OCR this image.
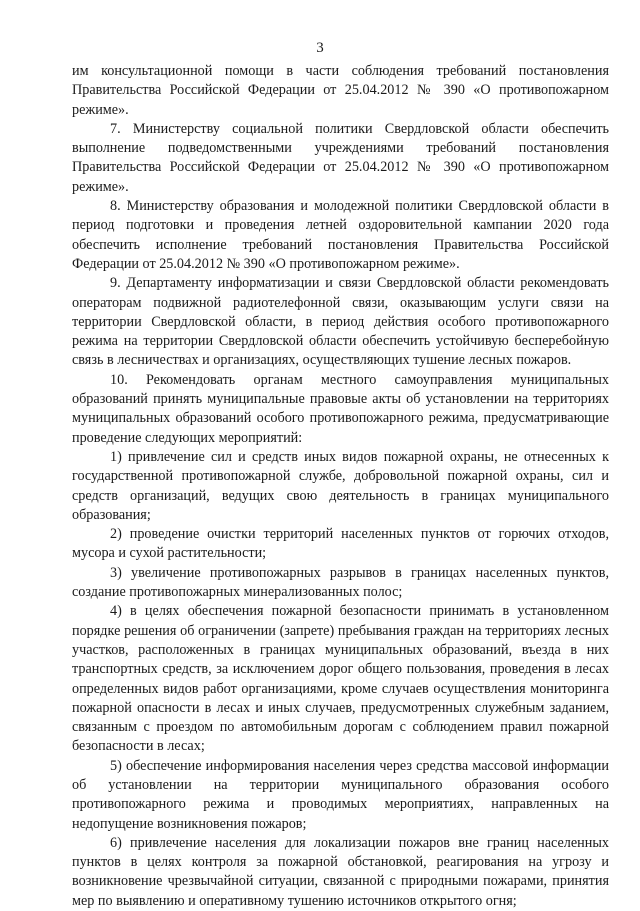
3

им консультационной помощи в части соблюдения требований постановления Правительства Российской Федерации от 25.04.2012 № 390 «О противопожарном режиме».

7. Министерству социальной политики Свердловской области обеспечить выполнение подведомственными учреждениями требований постановления Правительства Российской Федерации от 25.04.2012 № 390 «О противопожарном режиме».

8. Министерству образования и молодежной политики Свердловской области в период подготовки и проведения летней оздоровительной кампании 2020 года обеспечить исполнение требований постановления Правительства Российской Федерации от 25.04.2012 № 390 «О противопожарном режиме».

9. Департаменту информатизации и связи Свердловской области рекомендовать операторам подвижной радиотелефонной связи, оказывающим услуги связи на территории Свердловской области, в период действия особого противопожарного режима на территории Свердловской области обеспечить устойчивую бесперебойную связь в лесничествах и организациях, осуществляющих тушение лесных пожаров.

10. Рекомендовать органам местного самоуправления муниципальных образований принять муниципальные правовые акты об установлении на территориях муниципальных образований особого противопожарного режима, предусматривающие проведение следующих мероприятий:

1) привлечение сил и средств иных видов пожарной охраны, не отнесенных к государственной противопожарной службе, добровольной пожарной охраны, сил и средств организаций, ведущих свою деятельность в границах муниципального образования;

2) проведение очистки территорий населенных пунктов от горючих отходов, мусора и сухой растительности;

3) увеличение противопожарных разрывов в границах населенных пунктов, создание противопожарных минерализованных полос;

4) в целях обеспечения пожарной безопасности принимать в установленном порядке решения об ограничении (запрете) пребывания граждан на территориях лесных участков, расположенных в границах муниципальных образований, въезда в них транспортных средств, за исключением дорог общего пользования, проведения в лесах определенных видов работ организациями, кроме случаев осуществления мониторинга пожарной опасности в лесах и иных случаев, предусмотренных служебным заданием, связанным с проездом по автомобильным дорогам с соблюдением правил пожарной безопасности в лесах;

5) обеспечение информирования населения через средства массовой информации об установлении на территории муниципального образования особого противопожарного режима и проводимых мероприятиях, направленных на недопущение возникновения пожаров;

6) привлечение населения для локализации пожаров вне границ населенных пунктов в целях контроля за пожарной обстановкой, реагирования на угрозу и возникновение чрезвычайной ситуации, связанной с природными пожарами, принятия мер по выявлению и оперативному тушению источников открытого огня;
